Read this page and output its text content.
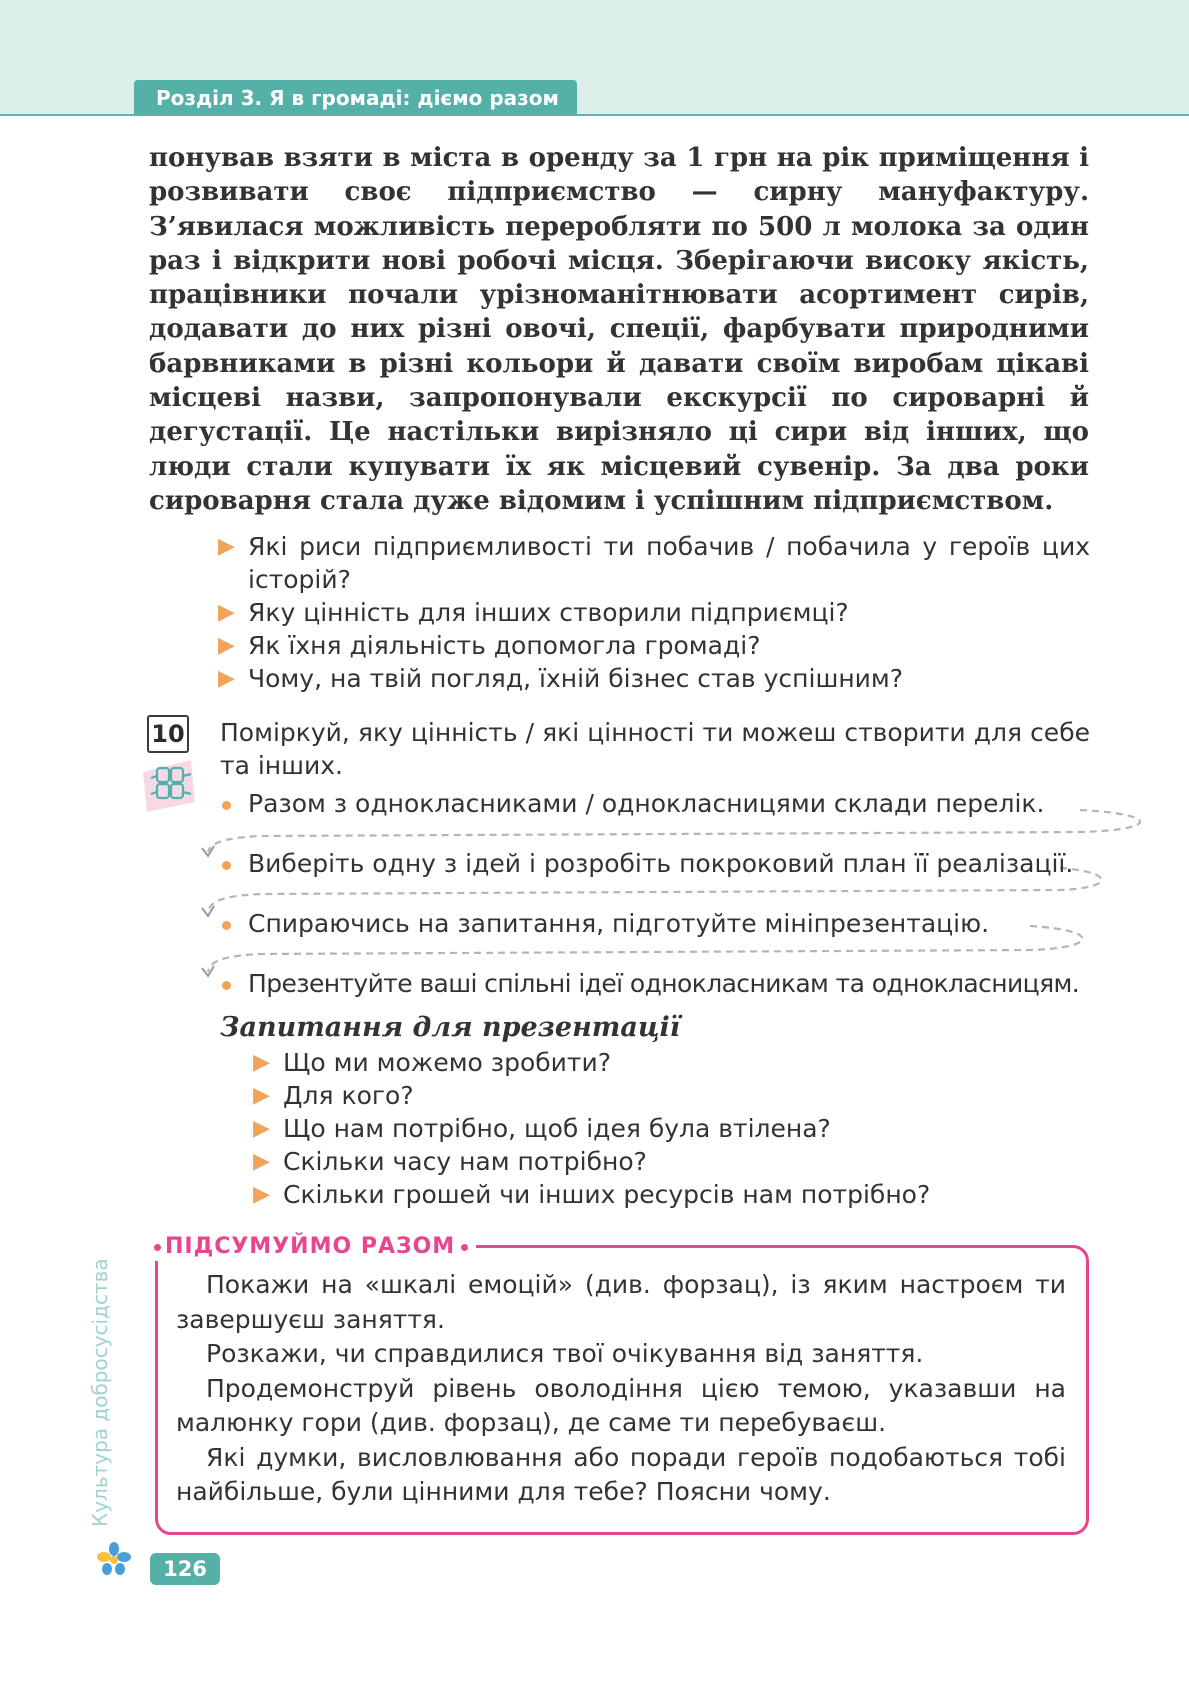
Розділ 3. Я в громаді: діємо разом

понував взяти в міста в оренду за 1 грн на рік приміщення і розвивати своє підприємство — сирну мануфактуру. З’явилася можливість переробляти по 500 л молока за один раз і відкрити нові робочі місця. Зберігаючи високу якість, працівники почали урізноманітнювати асортимент сирів, додавати до них різні овочі, спеції, фарбувати природними барвниками в різні кольори й давати своїм виробам цікаві місцеві назви, запропонували екскурсії по сироварні й дегустації. Це настільки вирізняло ці сири від інших, що люди стали купувати їх як місцевий сувенір. За два роки сироварня стала дуже відомим і успішним підприємством.

▶ Які риси підприємливості ти побачив / побачила у героїв цих історій?
▶ Яку цінність для інших створили підприємці?
▶ Як їхня діяльність допомогла громаді?
▶ Чому, на твій погляд, їхній бізнес став успішним?
10 Поміркуй, яку цінність / які цінності ти можеш створити для себе та інших.
Разом з однокласниками / однокласницями склади перелік.
Виберіть одну з ідей і розробіть покроковий план її реалізації.
Спираючись на запитання, підготуйте мініпрезентацію.
Презентуйте ваші спільні ідеї однокласникам та однокласницям.
Запитання для презентації
▶ Що ми можемо зробити?
▶ Для кого?
▶ Що нам потрібно, щоб ідея була втілена?
▶ Скільки часу нам потрібно?
▶ Скільки грошей чи інших ресурсів нам потрібно?
ПІДСУМУЙМО РАЗОМ

Покажи на «шкалі емоцій» (див. форзац), із яким настроєм ти завершуєш заняття.

Розкажи, чи справдилися твої очікування від заняття.

Продемонструй рівень оволодіння цією темою, указавши на малюнку гори (див. форзац), де саме ти перебуваєш.

Які думки, висловлювання або поради героїв подобаються тобі найбільше, були цінними для тебе? Поясни чому.

Культура добросусідства
126
